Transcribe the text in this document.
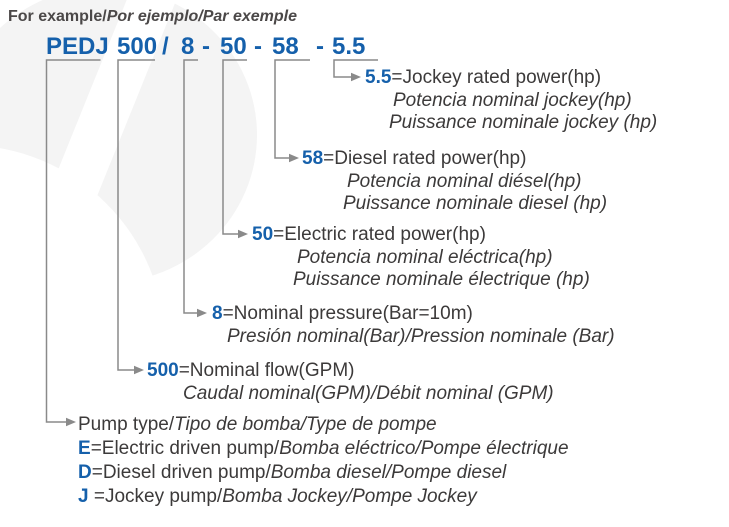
For example/Por ejemplo/Par exemple
PEDJ 500 / 8 - 50 - 58 - 5.5
5.5=Jockey rated power(hp)
Potencia nominal jockey(hp)
Puissance nominale jockey (hp)
58=Diesel rated power(hp)
Potencia nominal diésel(hp)
Puissance nominale diesel (hp)
50=Electric rated power(hp)
Potencia nominal eléctrica(hp)
Puissance nominale électrique (hp)
8=Nominal pressure(Bar=10m)
Presión nominal(Bar)/Pression nominale (Bar)
500=Nominal flow(GPM)
Caudal nominal(GPM)/Débit nominal (GPM)
Pump type/Tipo de bomba/Type de pompe
E=Electric driven pump/Bomba eléctrico/Pompe électrique
D=Diesel driven pump/Bomba diesel/Pompe diesel
J =Jockey pump/Bomba Jockey/Pompe Jockey
